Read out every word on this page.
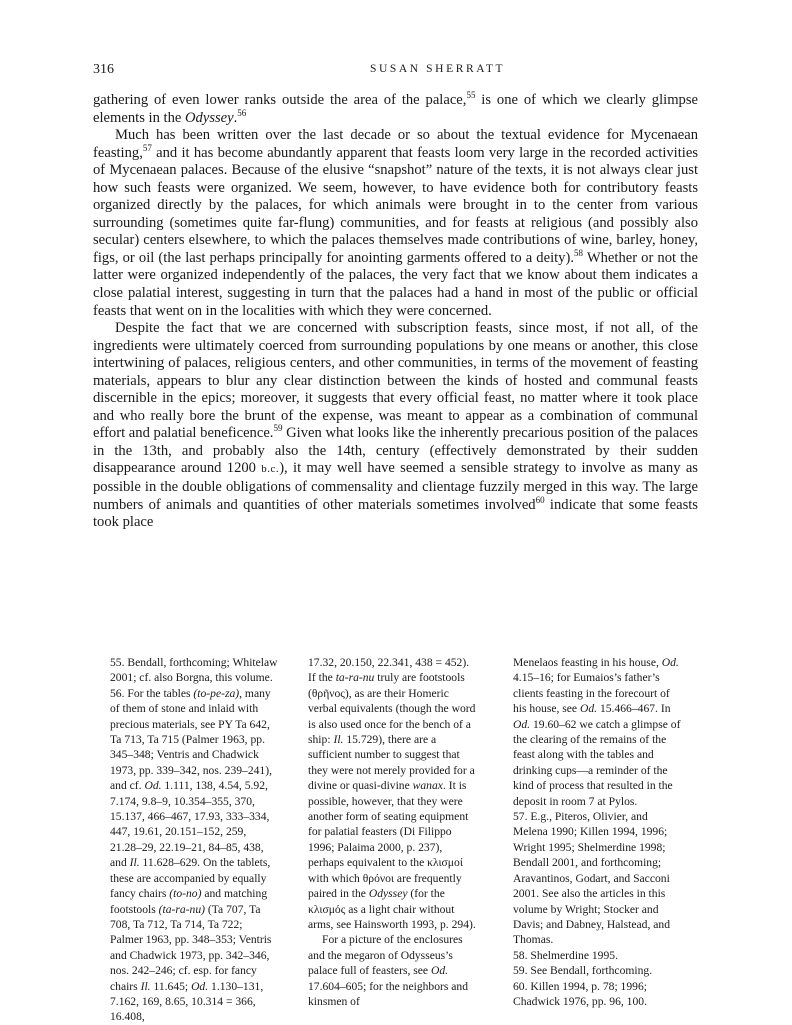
316	SUSAN SHERRATT

gathering of even lower ranks outside the area of the palace,$^{55}$ is one of which we clearly glimpse elements in the Odyssey.$^{56}$

Much has been written over the last decade or so about the textual evidence for Mycenaean feasting,$^{57}$ and it has become abundantly apparent that feasts loom very large in the recorded activities of Mycenaean palaces. Because of the elusive “snapshot” nature of the texts, it is not always clear just how such feasts were organized. We seem, however, to have evidence both for contributory feasts organized directly by the palaces, for which animals were brought in to the center from various surrounding (sometimes quite far-flung) communities, and for feasts at religious (and possibly also secular) centers elsewhere, to which the palaces themselves made contributions of wine, barley, honey, figs, or oil (the last perhaps principally for anointing garments offered to a deity).$^{58}$ Whether or not the latter were organized independently of the palaces, the very fact that we know about them indicates a close palatial interest, suggesting in turn that the palaces had a hand in most of the public or official feasts that went on in the localities with which they were concerned.

Despite the fact that we are concerned with subscription feasts, since most, if not all, of the ingredients were ultimately coerced from surrounding populations by one means or another, this close intertwining of palaces, religious centers, and other communities, in terms of the movement of feasting materials, appears to blur any clear distinction between the kinds of hosted and communal feasts discernible in the epics; moreover, it suggests that every official feast, no matter where it took place and who really bore the brunt of the expense, was meant to appear as a combination of communal effort and palatial beneficence.$^{59}$ Given what looks like the inherently precarious position of the palaces in the 13th, and probably also the 14th, century (effectively demonstrated by their sudden disappearance around 1200 b.c.), it may well have seemed a sensible strategy to involve as many as possible in the double obligations of commensality and clientage fuzzily merged in this way. The large numbers of animals and quantities of other materials sometimes involved$^{60}$ indicate that some feasts took place

55. Bendall, forthcoming; Whitelaw 2001; cf. also Borgna, this volume.

56. For the tables (to-pe-za), many of them of stone and inlaid with precious materials, see PY Ta 642, Ta 713, Ta 715 (Palmer 1963, pp. 345–348; Ventris and Chadwick 1973, pp. 339–342, nos. 239–241), and cf. Od. 1.111, 138, 4.54, 5.92, 7.174, 9.8–9, 10.354–355, 370, 15.137, 466–467, 17.93, 333–334, 447, 19.61, 20.151–152, 259, 21.28–29, 22.19–21, 84–85, 438, and Il. 11.628–629. On the tablets, these are accompanied by equally fancy chairs (to-no) and matching footstools (ta-ra-nu) (Ta 707, Ta 708, Ta 712, Ta 714, Ta 722; Palmer 1963, pp. 348–353; Ventris and Chadwick 1973, pp. 342–346, nos. 242–246; cf. esp. for fancy chairs Il. 11.645; Od. 1.130–131, 7.162, 169, 8.65, 10.314 = 366, 16.408,

17.32, 20.150, 22.341, 438 = 452). If the ta-ra-nu truly are footstools (θρῆνος), as are their Homeric verbal equivalents (though the word is also used once for the bench of a ship: Il. 15.729), there are a sufficient number to suggest that they were not merely provided for a divine or quasi-divine wanax. It is possible, however, that they were another form of seating equipment for palatial feasters (Di Filippo 1996; Palaima 2000, p. 237), perhaps equivalent to the κλισμοί with which θρόνοι are frequently paired in the Odyssey (for the κλισμός as a light chair without arms, see Hainsworth 1993, p. 294).

For a picture of the enclosures and the megaron of Odysseus’s palace full of feasters, see Od. 17.604–605; for the neighbors and kinsmen of

Menelaos feasting in his house, Od. 4.15–16; for Eumaios’s father’s clients feasting in the forecourt of his house, see Od. 15.466–467. In Od. 19.60–62 we catch a glimpse of the clearing of the remains of the feast along with the tables and drinking cups—a reminder of the kind of process that resulted in the deposit in room 7 at Pylos.

57. E.g., Piteros, Olivier, and Melena 1990; Killen 1994, 1996; Wright 1995; Shelmerdine 1998; Bendall 2001, and forthcoming; Aravantinos, Godart, and Sacconi 2001. See also the articles in this volume by Wright; Stocker and Davis; and Dabney, Halstead, and Thomas.

58. Shelmerdine 1995.

59. See Bendall, forthcoming.

60. Killen 1994, p. 78; 1996;
Chadwick 1976, pp. 96, 100.
